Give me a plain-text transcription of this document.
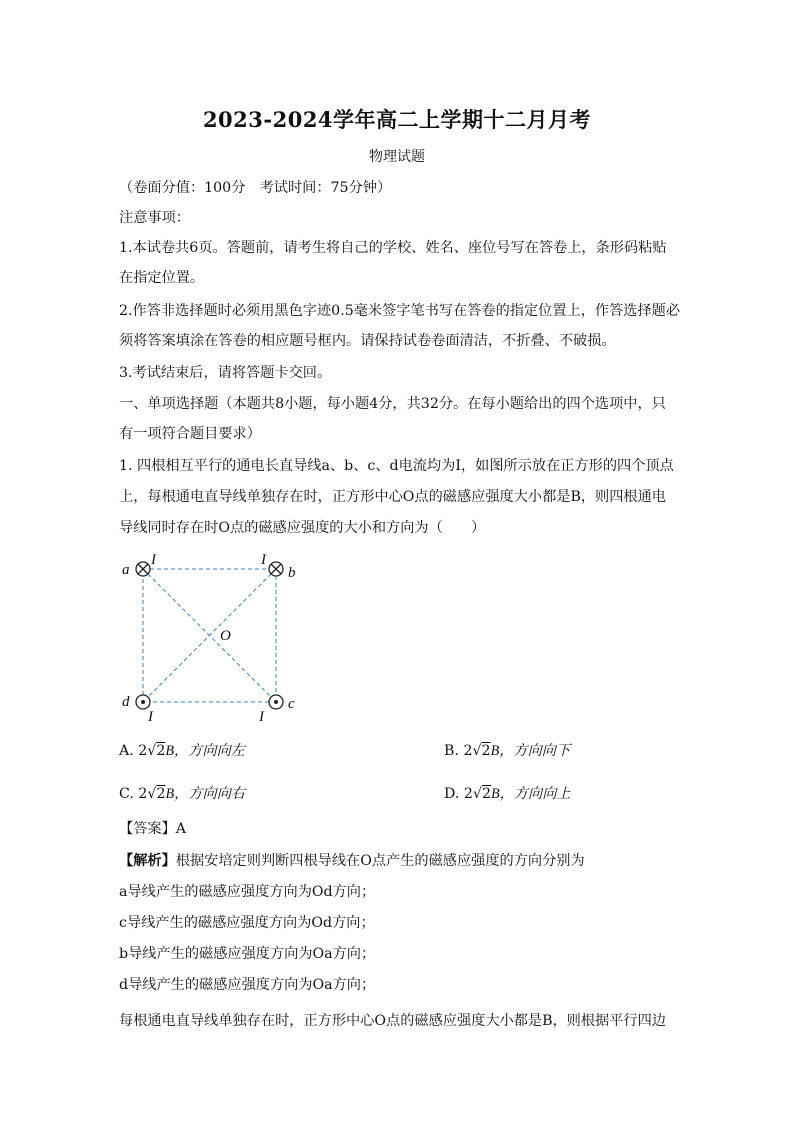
2023-2024学年高二上学期十二月月考
物理试题
（卷面分值：100分　考试时间：75分钟）
注意事项：
1.本试卷共6页。答题前，请考生将自己的学校、姓名、座位号写在答卷上，条形码粘贴
在指定位置。
2.作答非选择题时必须用黑色字迹0.5毫米签字笔书写在答卷的指定位置上，作答选择题必
须将答案填涂在答卷的相应题号框内。请保持试卷卷面清洁，不折叠、不破损。
3.考试结束后，请将答题卡交回。
一、单项选择题（本题共8小题，每小题4分，共32分。在每小题给出的四个选项中，只
有一项符合题目要求）
1. 四根相互平行的通电长直导线a、b、c、d电流均为I，如图所示放在正方形的四个顶点
上，每根通电直导线单独存在时，正方形中心O点的磁感应强度大小都是B，则四根通电
导线同时存在时O点的磁感应强度的大小和方向为（　　）
a
I	I
b
O
d
I	I
c
A. 2√2B，方向向左	B. 2√2B，方向向下
C. 2√2B，方向向右	D. 2√2B，方向向上
【答案】A
【解析】根据安培定则判断四根导线在O点产生的磁感应强度的方向分别为
a导线产生的磁感应强度方向为Od方向；
c导线产生的磁感应强度方向为Od方向；
b导线产生的磁感应强度方向为Oa方向；
d导线产生的磁感应强度方向为Oa方向；
每根通电直导线单独存在时，正方形中心O点的磁感应强度大小都是B，则根据平行四边
